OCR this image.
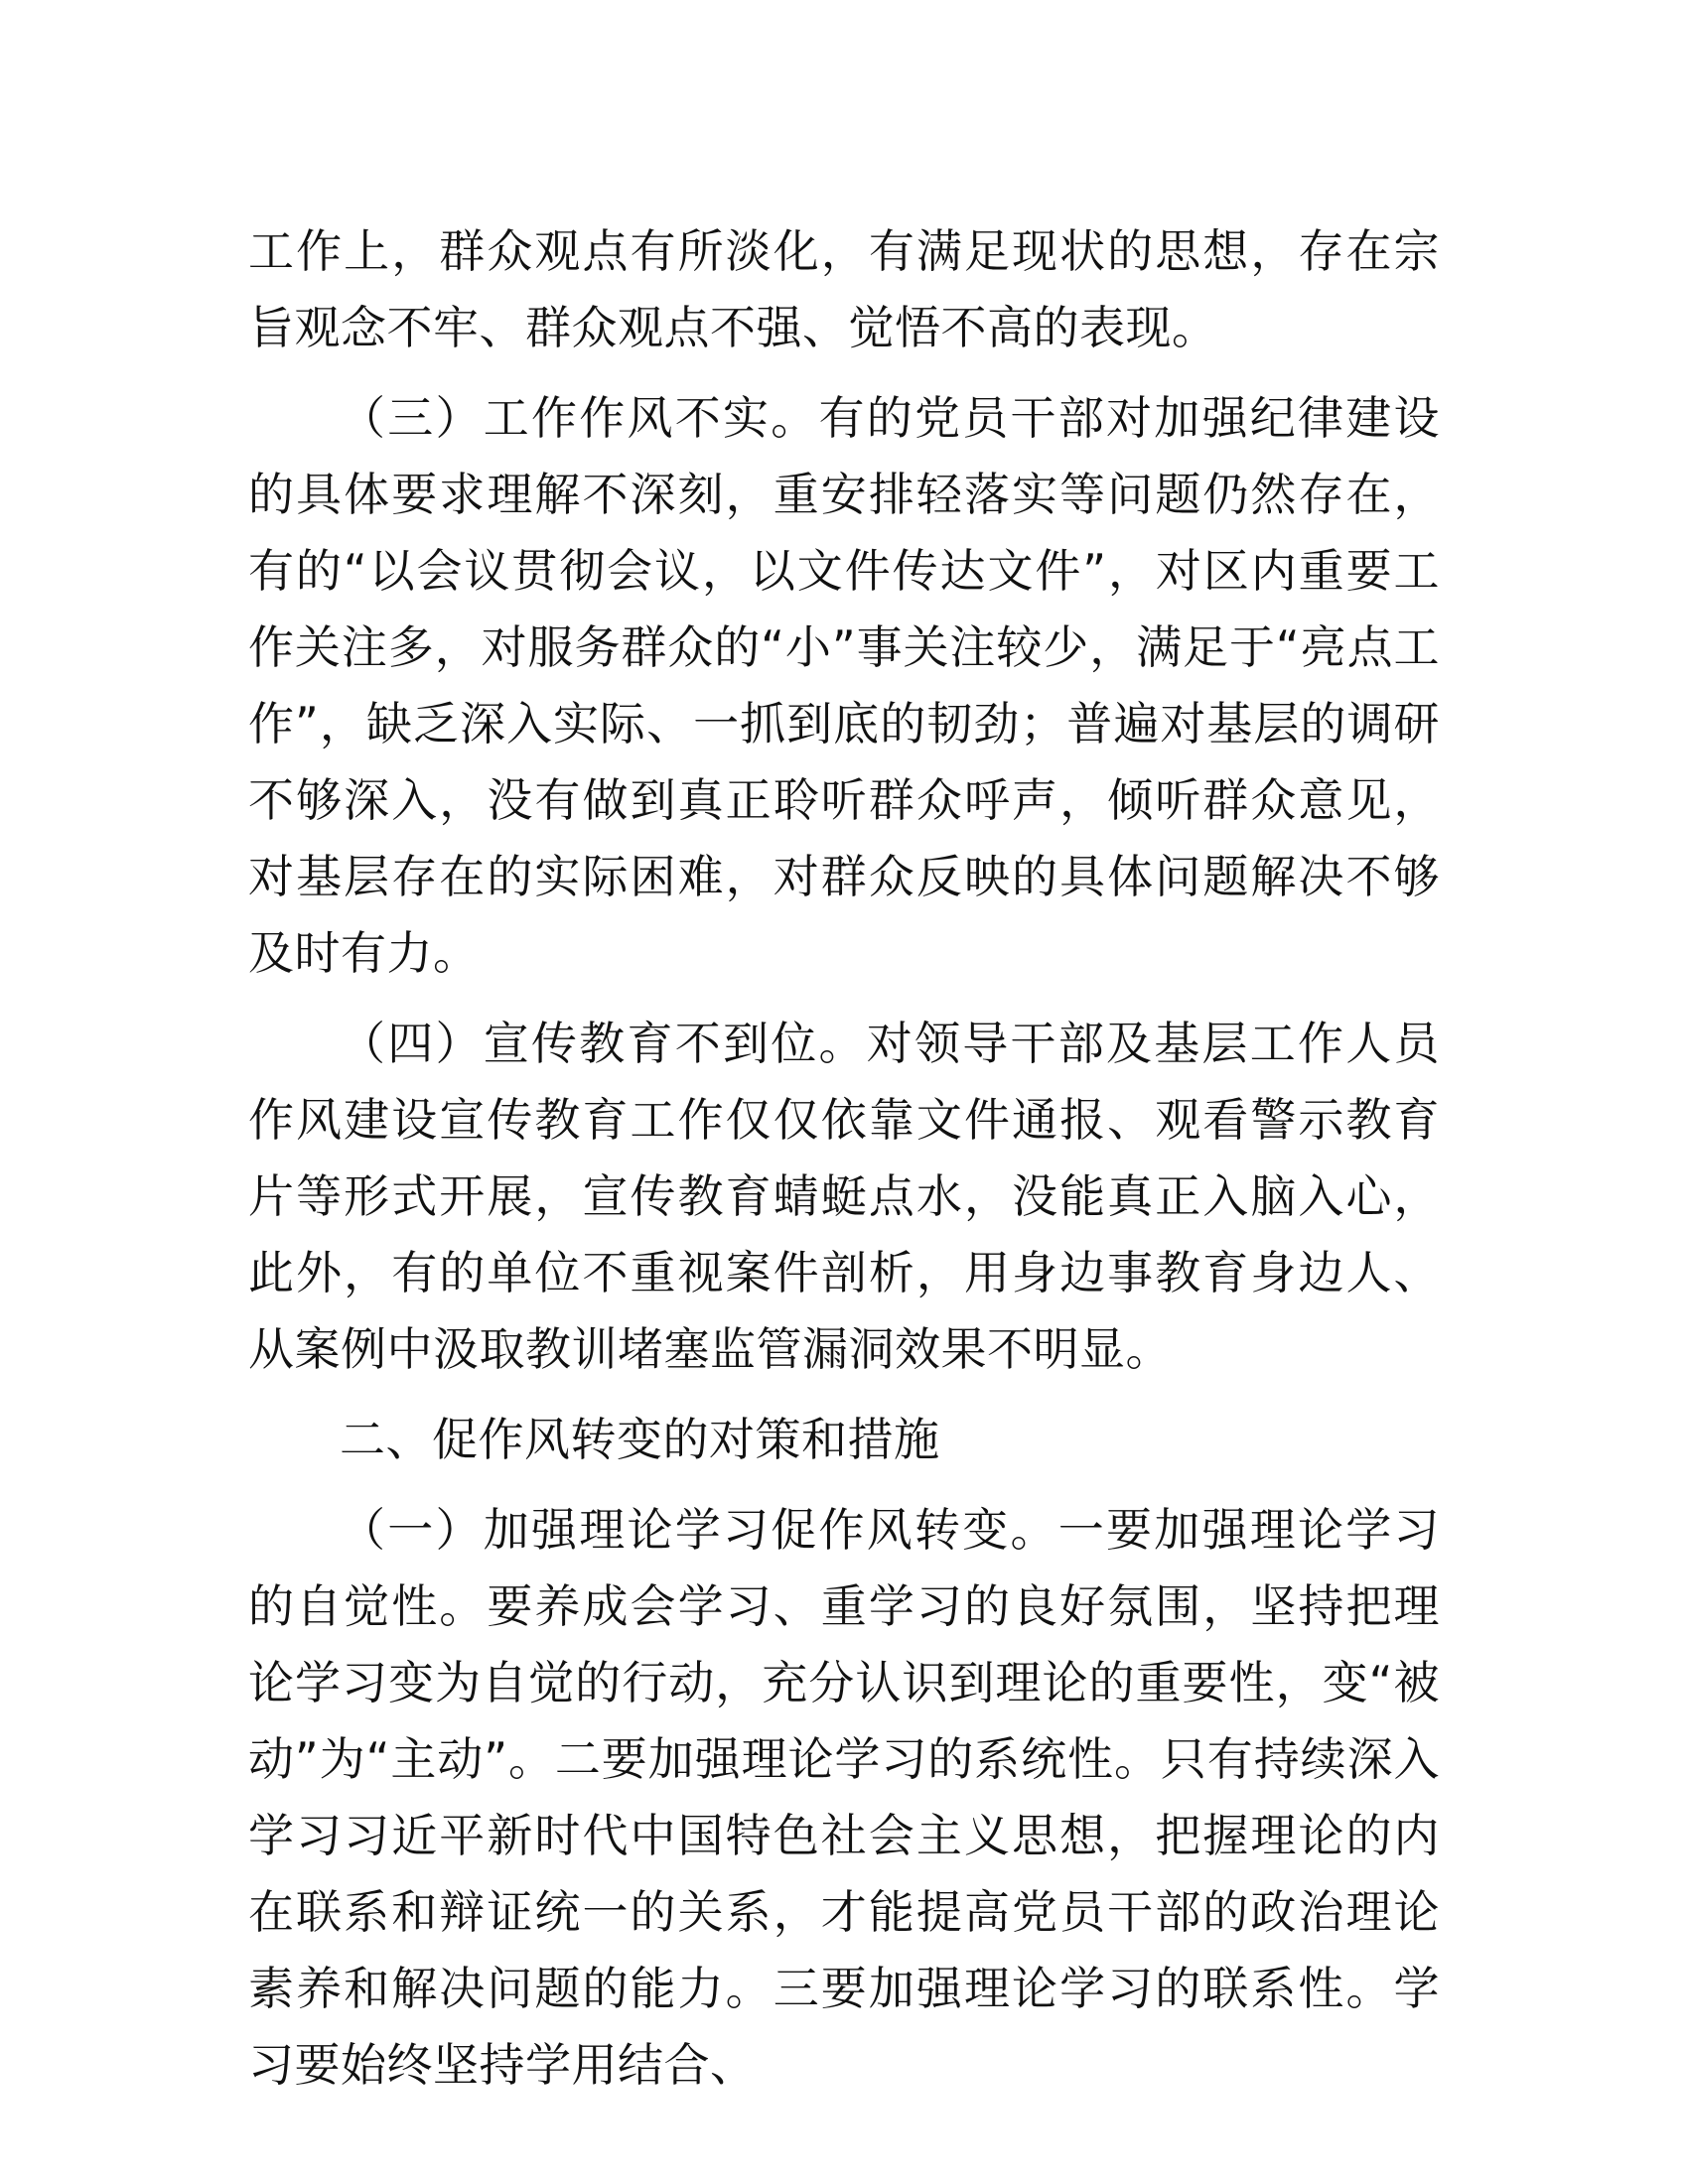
工作上，群众观点有所淡化，有满足现状的思想，存在宗旨观念不牢、群众观点不强、觉悟不高的表现。

（三）工作作风不实。有的党员干部对加强纪律建设的具体要求理解不深刻，重安排轻落实等问题仍然存在，有的“以会议贯彻会议，以文件传达文件”，对区内重要工作关注多，对服务群众的“小”事关注较少，满足于“亮点工作”，缺乏深入实际、一抓到底的韧劲；普遍对基层的调研不够深入，没有做到真正聆听群众呼声，倾听群众意见，对基层存在的实际困难，对群众反映的具体问题解决不够及时有力。

（四）宣传教育不到位。对领导干部及基层工作人员作风建设宣传教育工作仅仅依靠文件通报、观看警示教育片等形式开展，宣传教育蜻蜓点水，没能真正入脑入心，此外，有的单位不重视案件剖析，用身边事教育身边人、从案例中汲取教训堵塞监管漏洞效果不明显。

二、促作风转变的对策和措施

（一）加强理论学习促作风转变。一要加强理论学习的自觉性。要养成会学习、重学习的良好氛围，坚持把理论学习变为自觉的行动，充分认识到理论的重要性，变“被动”为“主动”。二要加强理论学习的系统性。只有持续深入学习习近平新时代中国特色社会主义思想，把握理论的内在联系和辩证统一的关系，才能提高党员干部的政治理论素养和解决问题的能力。三要加强理论学习的联系性。学习要始终坚持学用结合、
